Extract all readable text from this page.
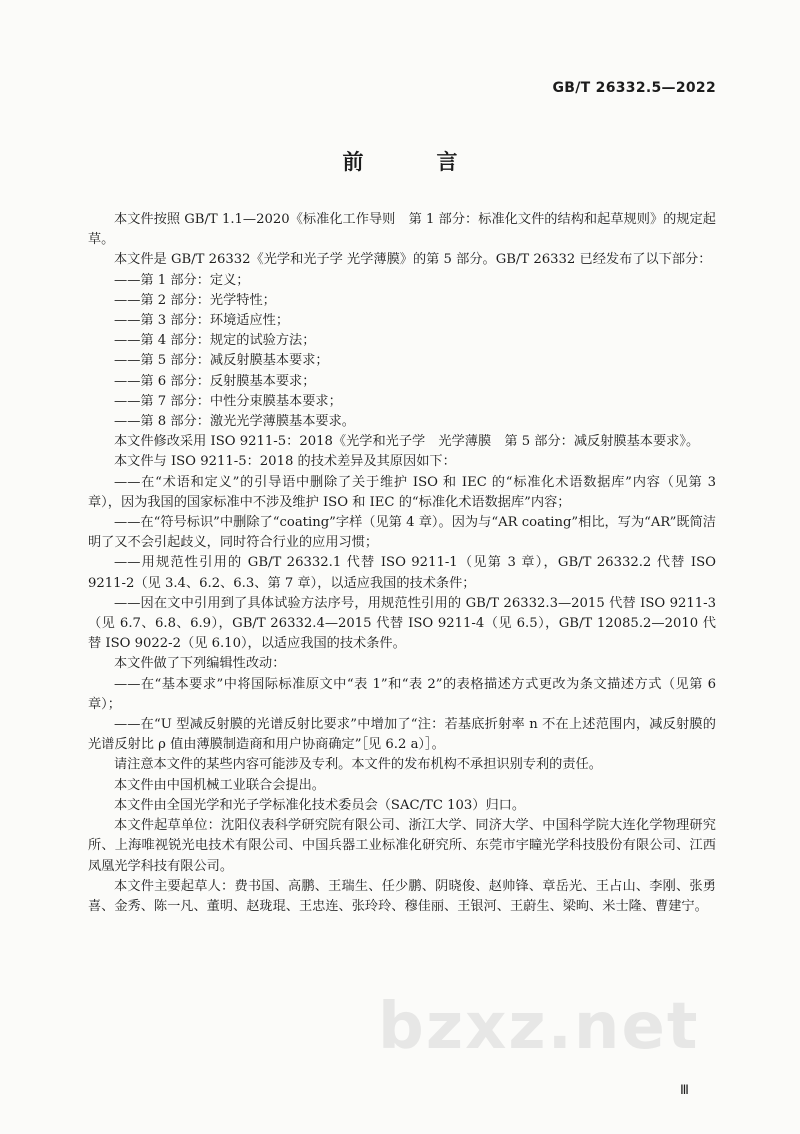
GB/T 26332.5—2022
前　言

本文件按照 GB/T 1.1—2020《标准化工作导则　第 1 部分：标准化文件的结构和起草规则》的规定起草。

本文件是 GB/T 26332《光学和光子学 光学薄膜》的第 5 部分。GB/T 26332 已经发布了以下部分：

——第 1 部分：定义；

——第 2 部分：光学特性；

——第 3 部分：环境适应性；

——第 4 部分：规定的试验方法；

——第 5 部分：减反射膜基本要求；

——第 6 部分：反射膜基本要求；

——第 7 部分：中性分束膜基本要求；

——第 8 部分：激光光学薄膜基本要求。

本文件修改采用 ISO 9211-5：2018《光学和光子学　光学薄膜　第 5 部分：减反射膜基本要求》。

本文件与 ISO 9211-5：2018 的技术差异及其原因如下：

——在“术语和定义”的引导语中删除了关于维护 ISO 和 IEC 的“标准化术语数据库”内容（见第 3 章），因为我国的国家标准中不涉及维护 ISO 和 IEC 的“标准化术语数据库”内容；

——在“符号标识”中删除了“coating”字样（见第 4 章）。因为与“AR coating”相比，写为“AR”既简洁明了又不会引起歧义，同时符合行业的应用习惯；

——用规范性引用的 GB/T 26332.1 代替 ISO 9211-1（见第 3 章），GB/T 26332.2 代替 ISO 9211-2（见 3.4、6.2、6.3、第 7 章），以适应我国的技术条件；

——因在文中引用到了具体试验方法序号，用规范性引用的 GB/T 26332.3—2015 代替 ISO 9211-3（见 6.7、6.8、6.9），GB/T 26332.4—2015 代替 ISO 9211-4（见 6.5），GB/T 12085.2—2010 代替 ISO 9022-2（见 6.10），以适应我国的技术条件。

本文件做了下列编辑性改动：

——在“基本要求”中将国际标准原文中“表 1”和“表 2”的表格描述方式更改为条文描述方式（见第 6 章）；

——在“U 型减反射膜的光谱反射比要求”中增加了“注：若基底折射率 n 不在上述范围内，减反射膜的光谱反射比 ρ 值由薄膜制造商和用户协商确定”［见 6.2 a）］。

请注意本文件的某些内容可能涉及专利。本文件的发布机构不承担识别专利的责任。

本文件由中国机械工业联合会提出。

本文件由全国光学和光子学标准化技术委员会（SAC/TC 103）归口。

本文件起草单位：沈阳仪表科学研究院有限公司、浙江大学、同济大学、中国科学院大连化学物理研究所、上海唯视锐光电技术有限公司、中国兵器工业标准化研究所、东莞市宇瞳光学科技股份有限公司、江西凤凰光学科技有限公司。

本文件主要起草人：费书国、高鹏、王瑞生、任少鹏、阴晓俊、赵帅锋、章岳光、王占山、李刚、张勇喜、金秀、陈一凡、董明、赵珑琨、王忠连、张玲玲、穆佳丽、王银河、王蔚生、梁昫、米士隆、曹建宁。

bzxz.net
Ⅲ
